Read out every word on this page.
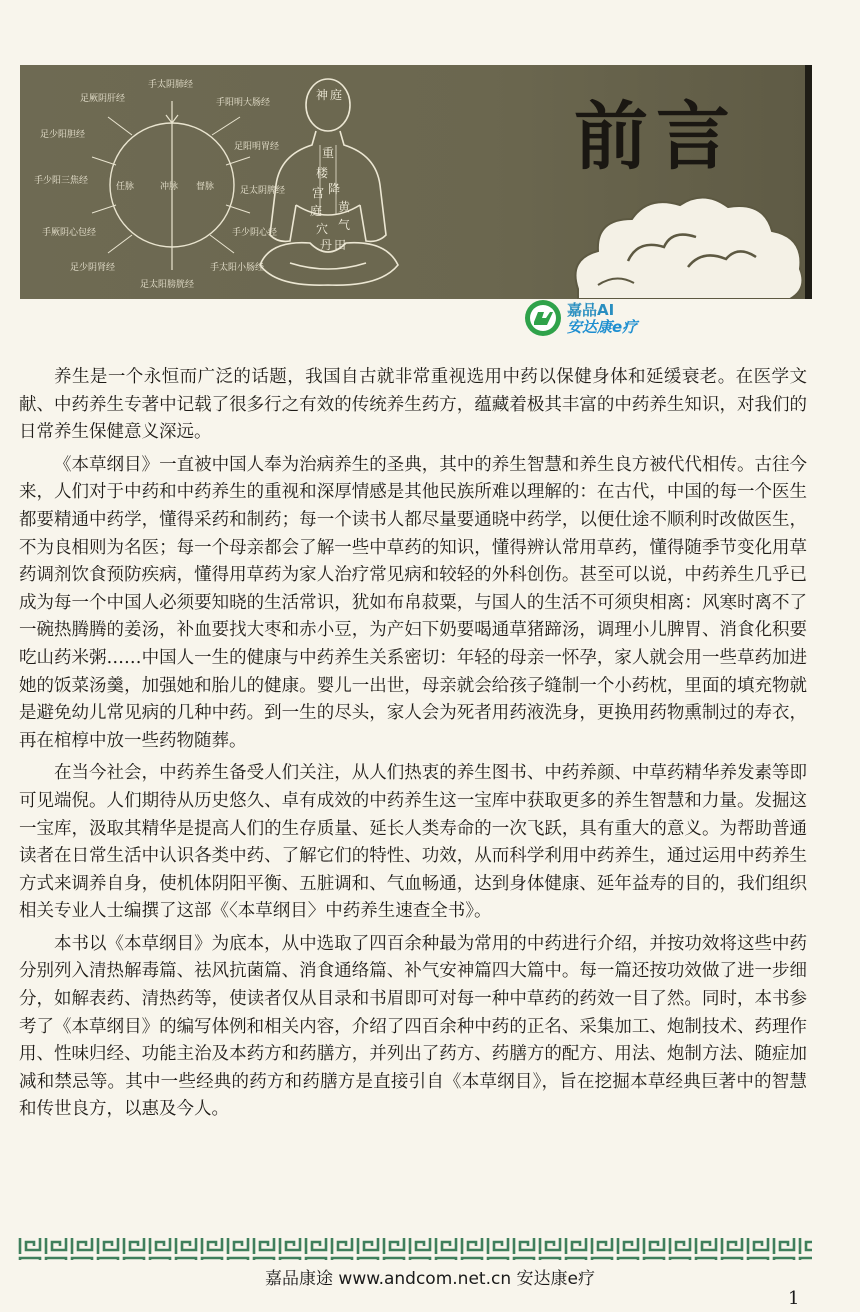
手太阴肺经
手阳明大肠经
足阳明胃经
足太阴脾经
手少阴心经
手太阳小肠经
足太阳膀胱经
足少阴肾经
手厥阴心包经
手少阳三焦经
足少阳胆经
足厥阴肝经
任脉	督脉
冲脉
神 庭
重
楼
宫 降
黄
庭
气
穴
丹 田
前言
嘉品AI
安达康e疗

养生是一个永恒而广泛的话题，我国自古就非常重视选用中药以保健身体和延缓衰老。在医学文献、中药养生专著中记载了很多行之有效的传统养生药方，蕴藏着极其丰富的中药养生知识，对我们的日常养生保健意义深远。

《本草纲目》一直被中国人奉为治病养生的圣典，其中的养生智慧和养生良方被代代相传。古往今来，人们对于中药和中药养生的重视和深厚情感是其他民族所难以理解的：在古代，中国的每一个医生都要精通中药学，懂得采药和制药；每一个读书人都尽量要通晓中药学，以便仕途不顺利时改做医生，不为良相则为名医；每一个母亲都会了解一些中草药的知识，懂得辨认常用草药，懂得随季节变化用草药调剂饮食预防疾病，懂得用草药为家人治疗常见病和较轻的外科创伤。甚至可以说，中药养生几乎已成为每一个中国人必须要知晓的生活常识，犹如布帛菽粟，与国人的生活不可须臾相离：风寒时离不了一碗热腾腾的姜汤，补血要找大枣和赤小豆，为产妇下奶要喝通草猪蹄汤，调理小儿脾胃、消食化积要吃山药米粥……中国人一生的健康与中药养生关系密切：年轻的母亲一怀孕，家人就会用一些草药加进她的饭菜汤羹，加强她和胎儿的健康。婴儿一出世，母亲就会给孩子缝制一个小药枕，里面的填充物就是避免幼儿常见病的几种中药。到一生的尽头，家人会为死者用药液洗身，更换用药物熏制过的寿衣，再在棺椁中放一些药物随葬。

在当今社会，中药养生备受人们关注，从人们热衷的养生图书、中药养颜、中草药精华养发素等即可见端倪。人们期待从历史悠久、卓有成效的中药养生这一宝库中获取更多的养生智慧和力量。发掘这一宝库，汲取其精华是提高人们的生存质量、延长人类寿命的一次飞跃，具有重大的意义。为帮助普通读者在日常生活中认识各类中药、了解它们的特性、功效，从而科学利用中药养生，通过运用中药养生方式来调养自身，使机体阴阳平衡、五脏调和、气血畅通，达到身体健康、延年益寿的目的，我们组织相关专业人士编撰了这部《〈本草纲目〉中药养生速查全书》。

本书以《本草纲目》为底本，从中选取了四百余种最为常用的中药进行介绍，并按功效将这些中药分别列入清热解毒篇、祛风抗菌篇、消食通络篇、补气安神篇四大篇中。每一篇还按功效做了进一步细分，如解表药、清热药等，使读者仅从目录和书眉即可对每一种中草药的药效一目了然。同时，本书参考了《本草纲目》的编写体例和相关内容，介绍了四百余种中药的正名、采集加工、炮制技术、药理作用、性味归经、功能主治及本药方和药膳方，并列出了药方、药膳方的配方、用法、炮制方法、随症加减和禁忌等。其中一些经典的药方和药膳方是直接引自《本草纲目》，旨在挖掘本草经典巨著中的智慧和传世良方，以惠及今人。

嘉品康途 www.andcom.net.cn 安达康e疗
1
